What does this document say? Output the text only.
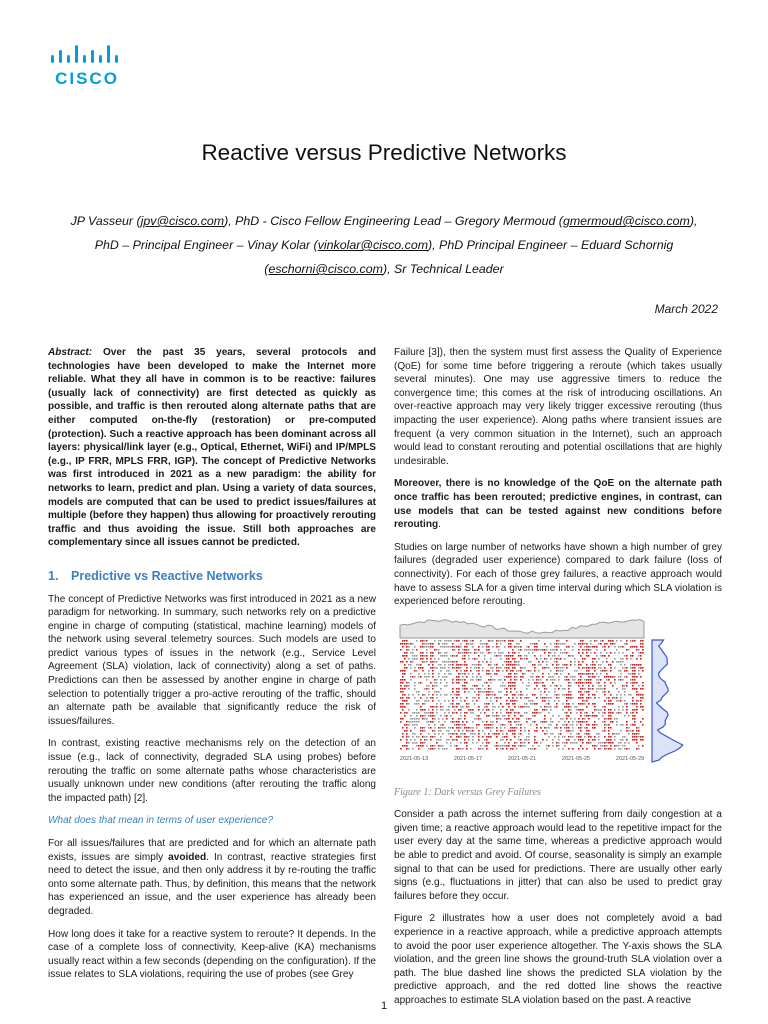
CISCO
Reactive versus Predictive Networks
JP Vasseur (jpv@cisco.com), PhD - Cisco Fellow Engineering Lead – Gregory Mermoud (gmermoud@cisco.com),
PhD – Principal Engineer – Vinay Kolar (vinkolar@cisco.com), PhD Principal Engineer – Eduard Schornig
(eschorni@cisco.com), Sr Technical Leader
March 2022

Abstract: Over the past 35 years, several protocols and technologies have been developed to make the Internet more reliable. What they all have in common is to be reactive: failures (usually lack of connectivity) are first detected as quickly as possible, and traffic is then rerouted along alternate paths that are either computed on-the-fly (restoration) or pre-computed (protection). Such a reactive approach has been dominant across all layers: physical/link layer (e.g., Optical, Ethernet, WiFi) and IP/MPLS (e.g., IP FRR, MPLS FRR, IGP). The concept of Predictive Networks was first introduced in 2021 as a new paradigm: the ability for networks to learn, predict and plan. Using a variety of data sources, models are computed that can be used to predict issues/failures at multiple (before they happen) thus allowing for proactively rerouting traffic and thus avoiding the issue. Still both approaches are complementary since all issues cannot be predicted.

1. Predictive vs Reactive Networks

The concept of Predictive Networks was first introduced in 2021 as a new paradigm for networking. In summary, such networks rely on a predictive engine in charge of computing (statistical, machine learning) models of the network using several telemetry sources. Such models are used to predict various types of issues in the network (e.g., Service Level Agreement (SLA) violation, lack of connectivity) along a set of paths. Predictions can then be assessed by another engine in charge of path selection to potentially trigger a pro-active rerouting of the traffic, should an alternate path be available that significantly reduce the risk of issues/failures.

In contrast, existing reactive mechanisms rely on the detection of an issue (e.g., lack of connectivity, degraded SLA using probes) before rerouting the traffic on some alternate paths whose characteristics are usually unknown under new conditions (after rerouting the traffic along the impacted path) [2].

What does that mean in terms of user experience?

For all issues/failures that are predicted and for which an alternate path exists, issues are simply avoided. In contrast, reactive strategies first need to detect the issue, and then only address it by re-routing the traffic onto some alternate path. Thus, by definition, this means that the network has experienced an issue, and the user experience has already been degraded.

How long does it take for a reactive system to reroute? It depends. In the case of a complete loss of connectivity, Keep-alive (KA) mechanisms usually react within a few seconds (depending on the configuration). If the issue relates to SLA violations, requiring the use of probes (see Grey

Failure [3]), then the system must first assess the Quality of Experience (QoE) for some time before triggering a reroute (which takes usually several minutes). One may use aggressive timers to reduce the convergence time; this comes at the risk of introducing oscillations. An over-reactive approach may very likely trigger excessive rerouting (thus impacting the user experience). Along paths where transient issues are frequent (a very common situation in the Internet), such an approach would lead to constant rerouting and potential oscillations that are highly undesirable.

Moreover, there is no knowledge of the QoE on the alternate path once traffic has been rerouted; predictive engines, in contrast, can use models that can be tested against new conditions before rerouting.

Studies on large number of networks have shown a high number of grey failures (degraded user experience) compared to dark failure (loss of connectivity). For each of those grey failures, a reactive approach would have to assess SLA for a given time interval during which SLA violation is experienced before rerouting.

2021-05-13	2021-05-17	2021-05-21	2021-05-25	2021-05-29

Figure 1: Dark versus Grey Failures

Consider a path across the internet suffering from daily congestion at a given time; a reactive approach would lead to the repetitive impact for the user every day at the same time, whereas a predictive approach would be able to predict and avoid. Of course, seasonality is simply an example signal to that can be used for predictions. There are usually other early signs (e.g., fluctuations in jitter) that can also be used to predict gray failures before they occur.

Figure 2 illustrates how a user does not completely avoid a bad experience in a reactive approach, while a predictive approach attempts to avoid the poor user experience altogether. The Y-axis shows the SLA violation, and the green line shows the ground-truth SLA violation over a path. The blue dashed line shows the predicted SLA violation by the predictive approach, and the red dotted line shows the reactive approaches to estimate SLA violation based on the past. A reactive

1
